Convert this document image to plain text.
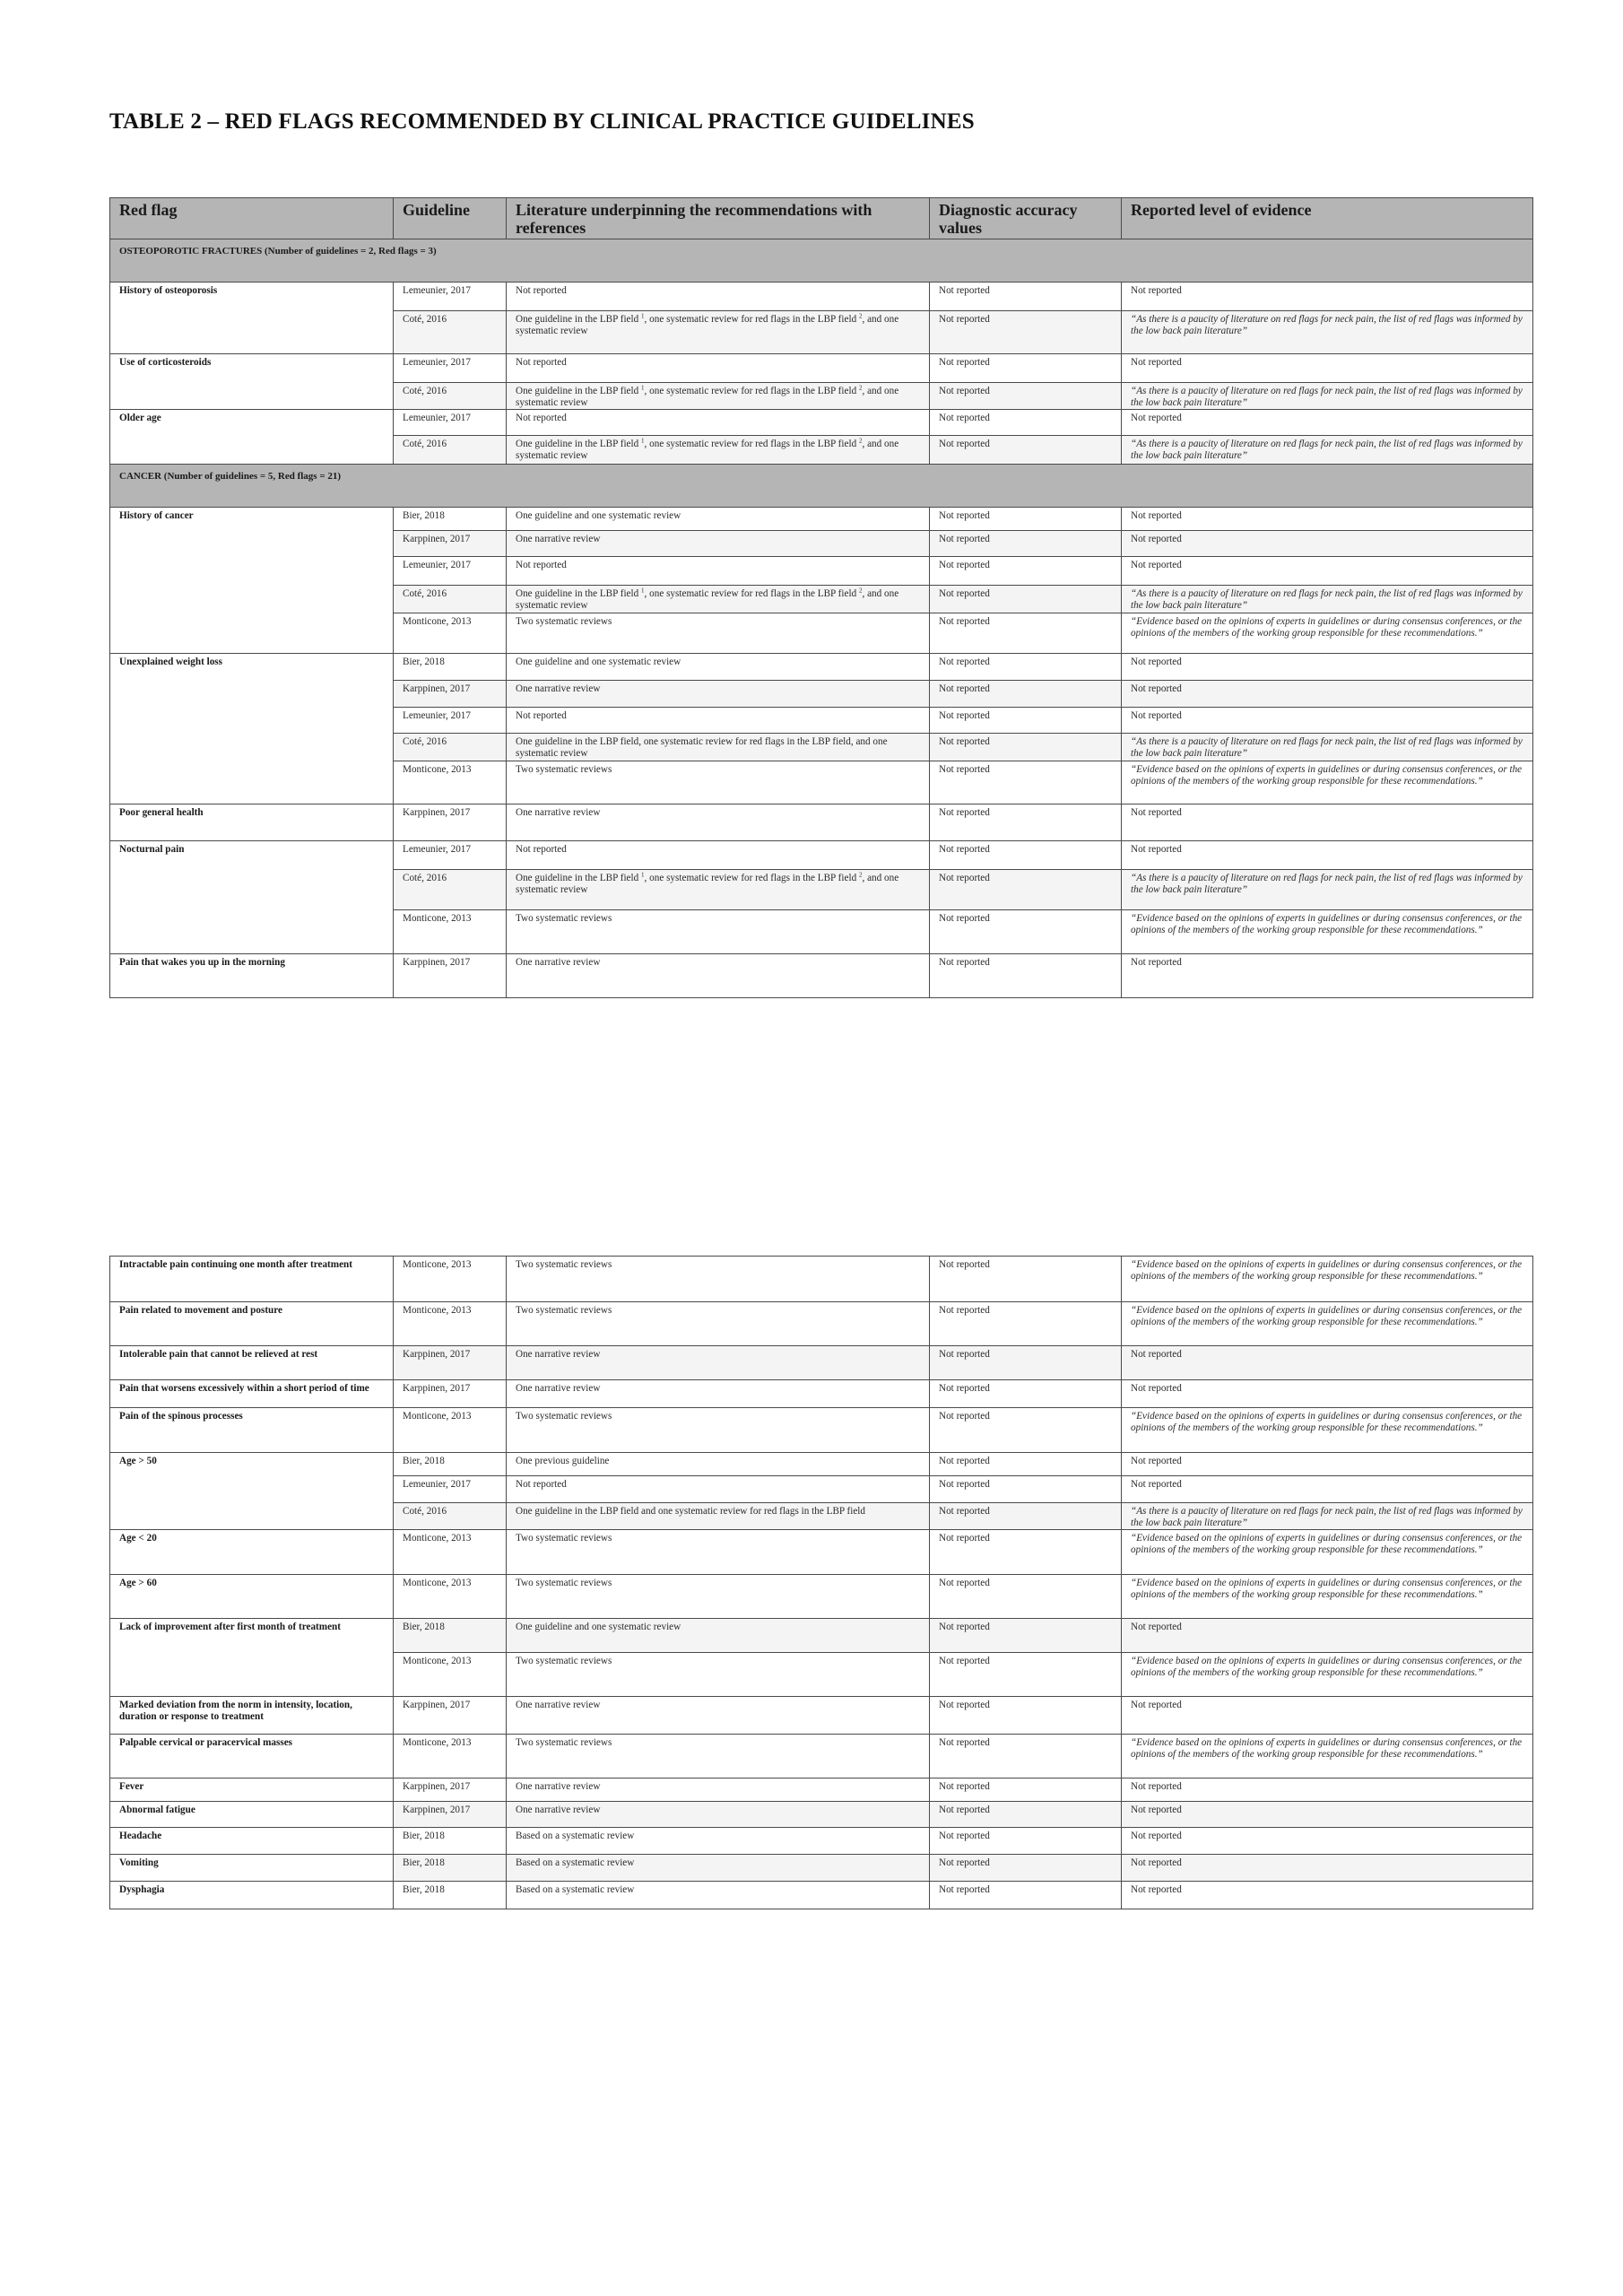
TABLE 2 – RED FLAGS RECOMMENDED BY CLINICAL PRACTICE GUIDELINES
Red flag	Guideline	Literature underpinning the recommendations with references	Diagnostic accuracy values	Reported level of evidence
OSTEOPOROTIC FRACTURES (Number of guidelines = 2, Red flags = 3)				
History of osteoporosis	Lemeunier, 2017	Not reported	Not reported	Not reported
	Coté, 2016	One guideline in the LBP field $^1$, one systematic review for red flags in the LBP field $^2$, and one systematic review	Not reported	“As there is a paucity of literature on red flags for neck pain, the list of red flags was informed by the low back pain literature”
Use of corticosteroids	Lemeunier, 2017	Not reported	Not reported	Not reported
	Coté, 2016	One guideline in the LBP field $^1$, one systematic review for red flags in the LBP field $^2$, and one systematic review	Not reported	“As there is a paucity of literature on red flags for neck pain, the list of red flags was informed by the low back pain literature”
Older age	Lemeunier, 2017	Not reported	Not reported	Not reported
	Coté, 2016	One guideline in the LBP field $^1$, one systematic review for red flags in the LBP field $^2$, and one systematic review	Not reported	“As there is a paucity of literature on red flags for neck pain, the list of red flags was informed by the low back pain literature”
CANCER (Number of guidelines = 5, Red flags = 21)				
History of cancer	Bier, 2018	One guideline and one systematic review	Not reported	Not reported
	Karppinen, 2017	One narrative review	Not reported	Not reported
	Lemeunier, 2017	Not reported	Not reported	Not reported
	Coté, 2016	One guideline in the LBP field $^1$, one systematic review for red flags in the LBP field $^2$, and one systematic review	Not reported	“As there is a paucity of literature on red flags for neck pain, the list of red flags was informed by the low back pain literature”
	Monticone, 2013	Two systematic reviews	Not reported	“Evidence based on the opinions of experts in guidelines or during consensus conferences, or the opinions of the members of the working group responsible for these recommendations.”
Unexplained weight loss	Bier, 2018	One guideline and one systematic review	Not reported	Not reported
	Karppinen, 2017	One narrative review	Not reported	Not reported
	Lemeunier, 2017	Not reported	Not reported	Not reported
	Coté, 2016	One guideline in the LBP field, one systematic review for red flags in the LBP field, and one systematic review	Not reported	“As there is a paucity of literature on red flags for neck pain, the list of red flags was informed by the low back pain literature”
	Monticone, 2013	Two systematic reviews	Not reported	“Evidence based on the opinions of experts in guidelines or during consensus conferences, or the opinions of the members of the working group responsible for these recommendations.”
Poor general health	Karppinen, 2017	One narrative review	Not reported	Not reported
Nocturnal pain	Lemeunier, 2017	Not reported	Not reported	Not reported
	Coté, 2016	One guideline in the LBP field $^1$, one systematic review for red flags in the LBP field $^2$, and one systematic review	Not reported	“As there is a paucity of literature on red flags for neck pain, the list of red flags was informed by the low back pain literature”
	Monticone, 2013	Two systematic reviews	Not reported	“Evidence based on the opinions of experts in guidelines or during consensus conferences, or the opinions of the members of the working group responsible for these recommendations.”
Pain that wakes you up in the morning	Karppinen, 2017	One narrative review	Not reported	Not reported
Intractable pain continuing one month after treatment	Monticone, 2013	Two systematic reviews	Not reported	“Evidence based on the opinions of experts in guidelines or during consensus conferences, or the opinions of the members of the working group responsible for these recommendations.”
Pain related to movement and posture	Monticone, 2013	Two systematic reviews	Not reported	“Evidence based on the opinions of experts in guidelines or during consensus conferences, or the opinions of the members of the working group responsible for these recommendations.”
Intolerable pain that cannot be relieved at rest	Karppinen, 2017	One narrative review	Not reported	Not reported
Pain that worsens excessively within a short period of time	Karppinen, 2017	One narrative review	Not reported	Not reported
Pain of the spinous processes	Monticone, 2013	Two systematic reviews	Not reported	“Evidence based on the opinions of experts in guidelines or during consensus conferences, or the opinions of the members of the working group responsible for these recommendations.”
Age > 50	Bier, 2018	One previous guideline	Not reported	Not reported
	Lemeunier, 2017	Not reported	Not reported	Not reported
	Coté, 2016	One guideline in the LBP field and one systematic review for red flags in the LBP field	Not reported	“As there is a paucity of literature on red flags for neck pain, the list of red flags was informed by the low back pain literature”
Age < 20	Monticone, 2013	Two systematic reviews	Not reported	“Evidence based on the opinions of experts in guidelines or during consensus conferences, or the opinions of the members of the working group responsible for these recommendations.”
Age > 60	Monticone, 2013	Two systematic reviews	Not reported	“Evidence based on the opinions of experts in guidelines or during consensus conferences, or the opinions of the members of the working group responsible for these recommendations.”
Lack of improvement after first month of treatment	Bier, 2018	One guideline and one systematic review	Not reported	Not reported
	Monticone, 2013	Two systematic reviews	Not reported	“Evidence based on the opinions of experts in guidelines or during consensus conferences, or the opinions of the members of the working group responsible for these recommendations.”
Marked deviation from the norm in intensity, location, duration or response to treatment	Karppinen, 2017	One narrative review	Not reported	Not reported
Palpable cervical or paracervical masses	Monticone, 2013	Two systematic reviews	Not reported	“Evidence based on the opinions of experts in guidelines or during consensus conferences, or the opinions of the members of the working group responsible for these recommendations.”
Fever	Karppinen, 2017	One narrative review	Not reported	Not reported
Abnormal fatigue	Karppinen, 2017	One narrative review	Not reported	Not reported
Headache	Bier, 2018	Based on a systematic review	Not reported	Not reported
Vomiting	Bier, 2018	Based on a systematic review	Not reported	Not reported
Dysphagia	Bier, 2018	Based on a systematic review	Not reported	Not reported
